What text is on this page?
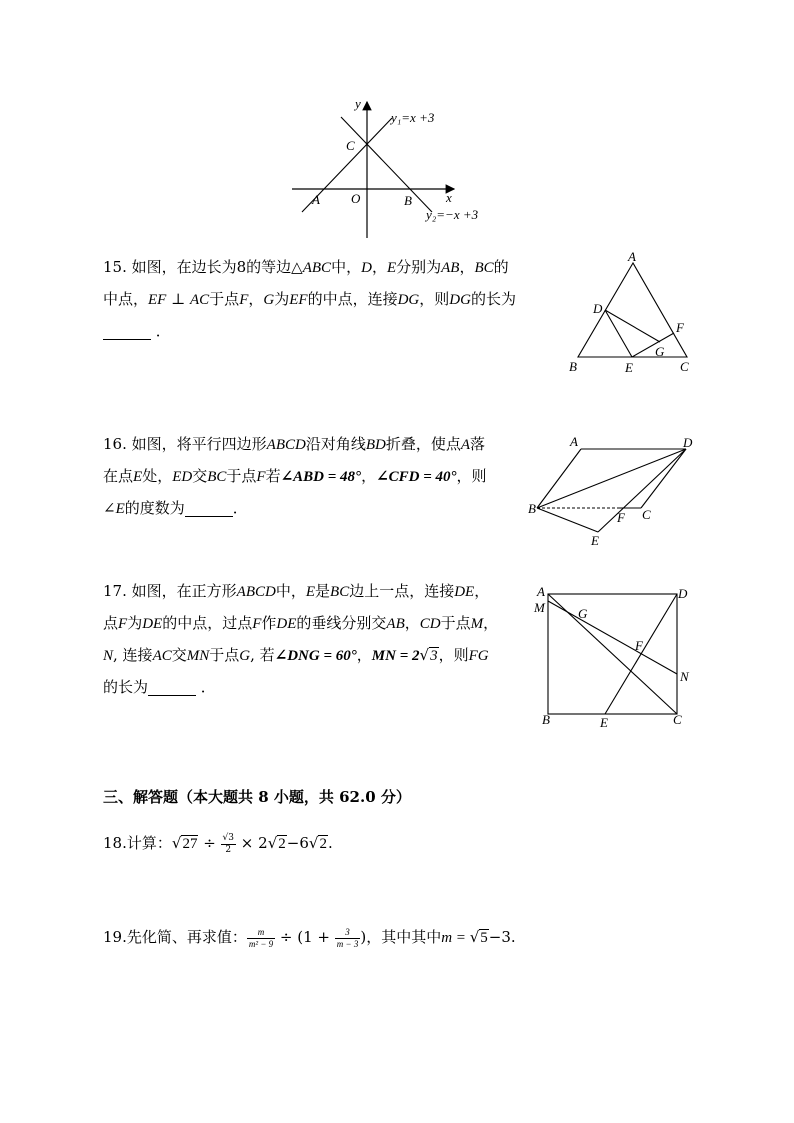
y
x
O
A	B
C
y₁=x +3
y₂=−x +3
15. 如图，在边长为8的等边△ABC中，D，E分别为AB，BC的
中点，EF ⊥ AC于点F，G为EF的中点，连接DG，则DG的长为
．
A
B	C
D
E
F
G
16. 如图，将平行四边形ABCD沿对角线BD折叠，使点A落
在点E处，ED交BC于点F若∠ABD = 48°，∠CFD = 40°，则
∠E的度数为	．
A	D
B	C
F
E
17. 如图，在正方形ABCD中，E是BC边上一点，连接DE，
点F为DE的中点，过点F作DE的垂线分别交AB，CD于点M，
N, 连接AC交MN于点G, 若∠DNG = 60°，MN = 2√3，则FG
的长为	．
A
M
D
G
F
N
B	E	C
三、解答题（本大题共 8 小题，共 62.0 分）
18.计算：$√27 \div \frac{√3}{2} \times 2√2-6√2$.
19.先化简、再求值： $\frac{m}{\text{m² − 9}} \div (1 + \frac{3}{m - 3}$ )，其中其中m = √5−3.
